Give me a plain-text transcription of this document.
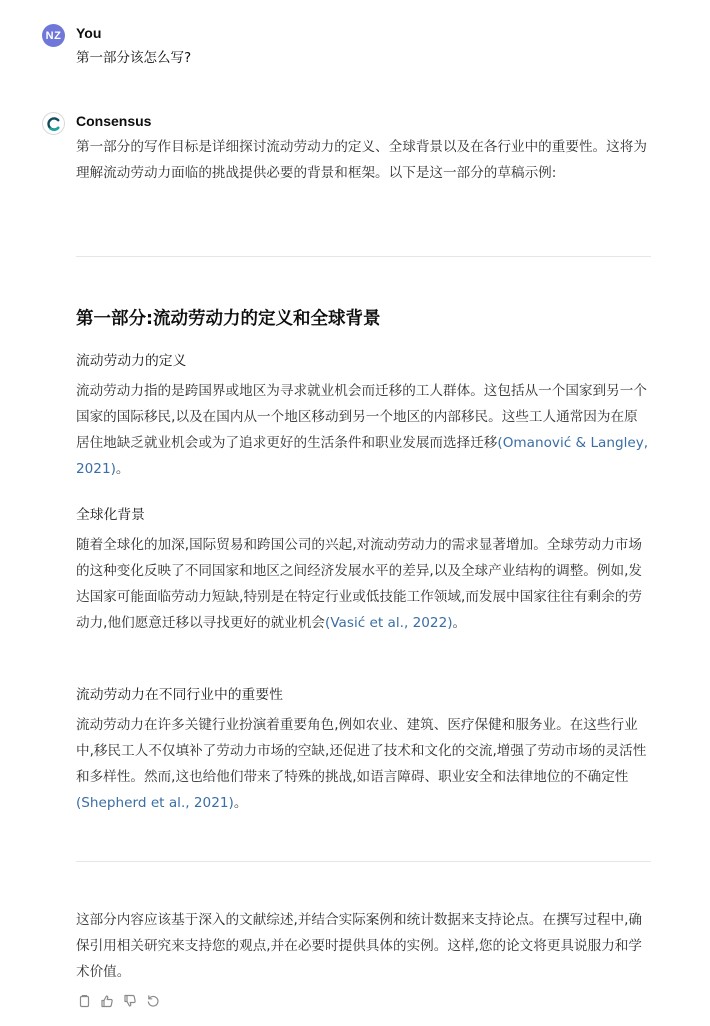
NZ You
第一部分该怎么写?
Consensus

第一部分的写作目标是详细探讨流动劳动力的定义、全球背景以及在各行业中的重要性。这将为理解流动劳动力面临的挑战提供必要的背景和框架。以下是这一部分的草稿示例:

第一部分:流动劳动力的定义和全球背景
流动劳动力的定义

流动劳动力指的是跨国界或地区为寻求就业机会而迁移的工人群体。这包括从一个国家到另一个国家的国际移民,以及在国内从一个地区移动到另一个地区的内部移民。这些工人通常因为在原居住地缺乏就业机会或为了追求更好的生活条件和职业发展而选择迁移(Omanović & Langley, 2021)。

全球化背景

随着全球化的加深,国际贸易和跨国公司的兴起,对流动劳动力的需求显著增加。全球劳动力市场的这种变化反映了不同国家和地区之间经济发展水平的差异,以及全球产业结构的调整。例如,发达国家可能面临劳动力短缺,特别是在特定行业或低技能工作领域,而发展中国家往往有剩余的劳动力,他们愿意迁移以寻找更好的就业机会(Vasić et al., 2022)。

流动劳动力在不同行业中的重要性

流动劳动力在许多关键行业扮演着重要角色,例如农业、建筑、医疗保健和服务业。在这些行业中,移民工人不仅填补了劳动力市场的空缺,还促进了技术和文化的交流,增强了劳动市场的灵活性和多样性。然而,这也给他们带来了特殊的挑战,如语言障碍、职业安全和法律地位的不确定性(Shepherd et al., 2021)。

这部分内容应该基于深入的文献综述,并结合实际案例和统计数据来支持论点。在撰写过程中,确保引用相关研究来支持您的观点,并在必要时提供具体的实例。这样,您的论文将更具说服力和学术价值。
